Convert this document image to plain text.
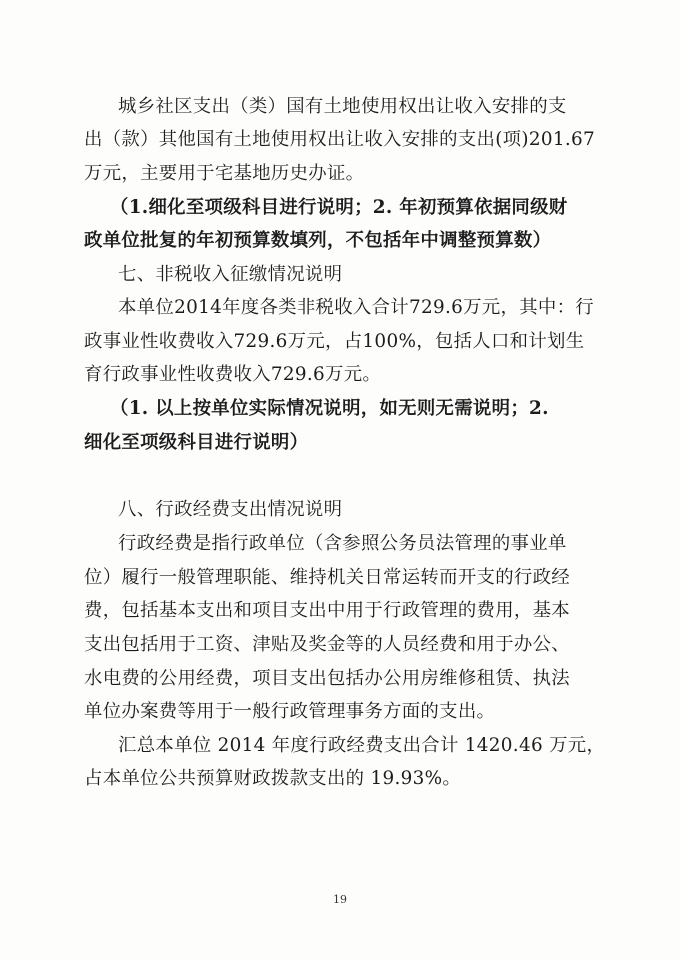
城乡社区支出（类）国有土地使用权出让收入安排的支
出（款）其他国有土地使用权出让收入安排的支出(项)201.67
万元，主要用于宅基地历史办证。
（1.细化至项级科目进行说明；2. 年初预算依据同级财
政单位批复的年初预算数填列，不包括年中调整预算数）
七、非税收入征缴情况说明
本单位2014年度各类非税收入合计729.6万元，其中：行
政事业性收费收入729.6万元，占100%，包括人口和计划生
育行政事业性收费收入729.6万元。
（1. 以上按单位实际情况说明，如无则无需说明；2.
细化至项级科目进行说明）
八、行政经费支出情况说明
行政经费是指行政单位（含参照公务员法管理的事业单
位）履行一般管理职能、维持机关日常运转而开支的行政经
费，包括基本支出和项目支出中用于行政管理的费用，基本
支出包括用于工资、津贴及奖金等的人员经费和用于办公、
水电费的公用经费，项目支出包括办公用房维修租赁、执法
单位办案费等用于一般行政管理事务方面的支出。
汇总本单位 2014 年度行政经费支出合计 1420.46 万元，
占本单位公共预算财政拨款支出的 19.93%。
19
